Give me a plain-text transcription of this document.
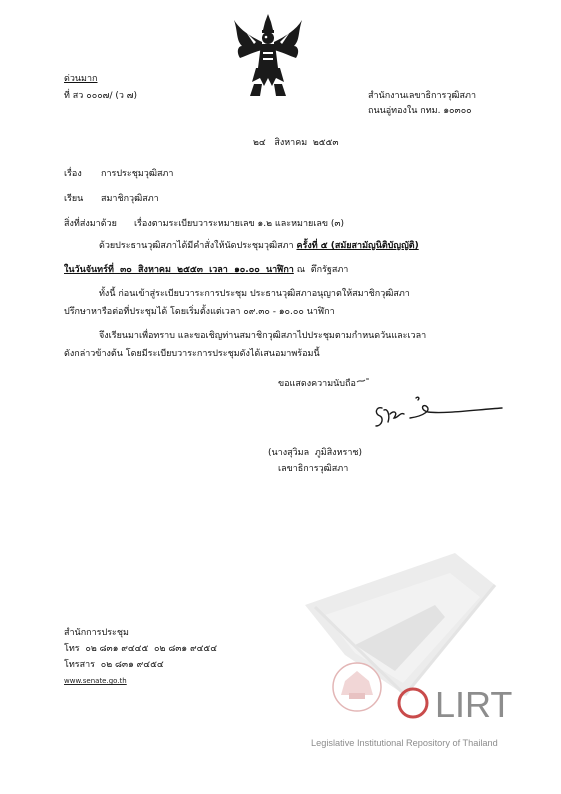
ด่วนมาก
ที่ สว ๐๐๐๗/ (ว ๗)	สำนักงานเลขาธิการวุฒิสภา
ถนนอู่ทองใน กทม. ๑๐๓๐๐
๒๔   สิงหาคม  ๒๕๕๓
เรื่อง การประชุมวุฒิสภา
เรียน สมาชิกวุฒิสภา
สิ่งที่ส่งมาด้วย เรื่องตามระเบียบวาระหมายเลข ๑.๒ และหมายเลข (๓)
ด้วยประธานวุฒิสภาได้มีคำสั่งให้นัดประชุมวุฒิสภา ครั้งที่ ๕ (สมัยสามัญนิติบัญญัติ)
ในวันจันทร์ที่  ๓๐  สิงหาคม  ๒๕๕๓  เวลา  ๑๐.๐๐  นาฬิกา ณ  ตึกรัฐสภา
ทั้งนี้ ก่อนเข้าสู่ระเบียบวาระการประชุม ประธานวุฒิสภาอนุญาตให้สมาชิกวุฒิสภา
ปรึกษาหารือต่อที่ประชุมได้ โดยเริ่มตั้งแต่เวลา ๐๙.๓๐ - ๑๐.๐๐ นาฬิกา
จึงเรียนมาเพื่อทราบ และขอเชิญท่านสมาชิกวุฒิสภาไปประชุมตามกำหนดวันและเวลา
ดังกล่าวข้างต้น โดยมีระเบียบวาระการประชุมดังได้เสนอมาพร้อมนี้
ขอแสดงความนับถือ
(นางสุวิมล  ภูมิสิงหราช)
เลขาธิการวุฒิสภา
LIRT
Legislative Institutional Repository of Thailand
สำนักการประชุม
โทร  ๐๒ ๘๓๑ ๙๔๔๕  ๐๒ ๘๓๑ ๙๔๕๔
โทรสาร  ๐๒ ๘๓๑ ๙๔๕๔
www.senate.go.th
